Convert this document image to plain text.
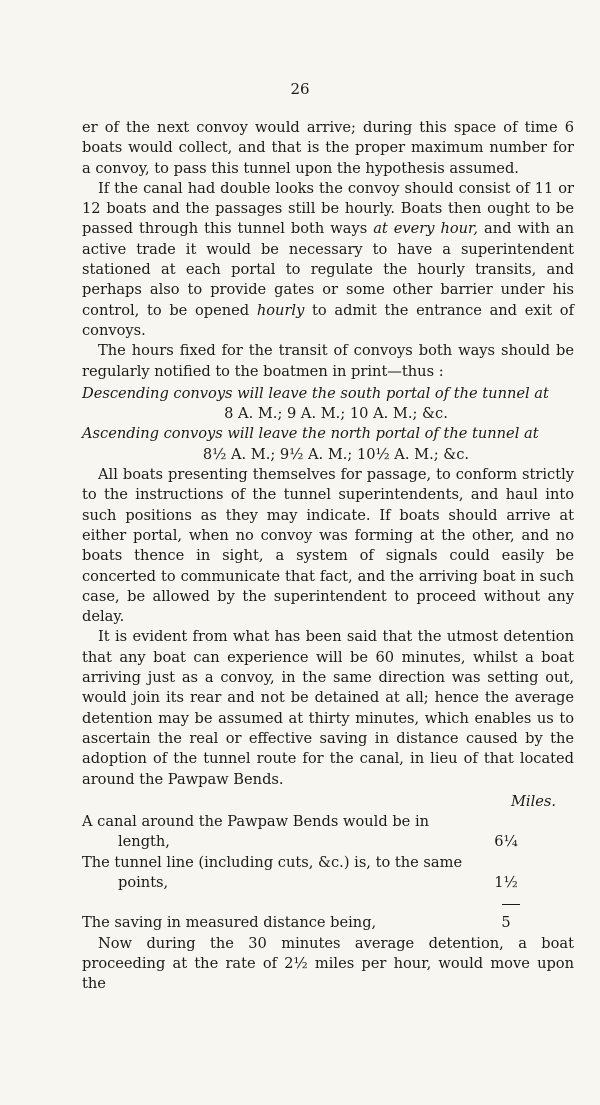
26

er of the next convoy would arrive; during this space of time 6 boats would collect, and that is the proper maximum number for a convoy, to pass this tunnel upon the hypothesis assumed.

If the canal had double looks the convoy should consist of 11 or 12 boats and the passages still be hourly. Boats then ought to be passed through this tunnel both ways at every hour, and with an active trade it would be necessary to have a superintendent stationed at each portal to regulate the hourly transits, and perhaps also to provide gates or some other barrier under his control, to be opened hourly to admit the entrance and exit of convoys.

The hours fixed for the transit of convoys both ways should be regularly notified to the boatmen in print—thus :

Descending convoys will leave the south portal of the tunnel at

8 A. M.; 9 A. M.; 10 A. M.; &c.

Ascending convoys will leave the north portal of the tunnel at

8½ A. M.; 9½ A. M.; 10½ A. M.; &c.

All boats presenting themselves for passage, to conform strictly to the instructions of the tunnel superintendents, and haul into such positions as they may indicate. If boats should arrive at either portal, when no convoy was forming at the other, and no boats thence in sight, a system of signals could easily be concerted to communicate that fact, and the arriving boat in such case, be allowed by the superintendent to proceed without any delay.

It is evident from what has been said that the utmost detention that any boat can experience will be 60 minutes, whilst a boat arriving just as a convoy, in the same direction was setting out, would join its rear and not be detained at all; hence the average detention may be assumed at thirty minutes, which enables us to ascertain the real or effective saving in distance caused by the adoption of the tunnel route for the canal, in lieu of that located around the Pawpaw Bends.

Miles.
A canal around the Pawpaw Bends would be in
length,	6¼
The tunnel line (including cuts, &c.) is, to the same
points,	1½
The saving in measured distance being,	5

Now during the 30 minutes average detention, a boat proceeding at the rate of 2½ miles per hour, would move upon the
